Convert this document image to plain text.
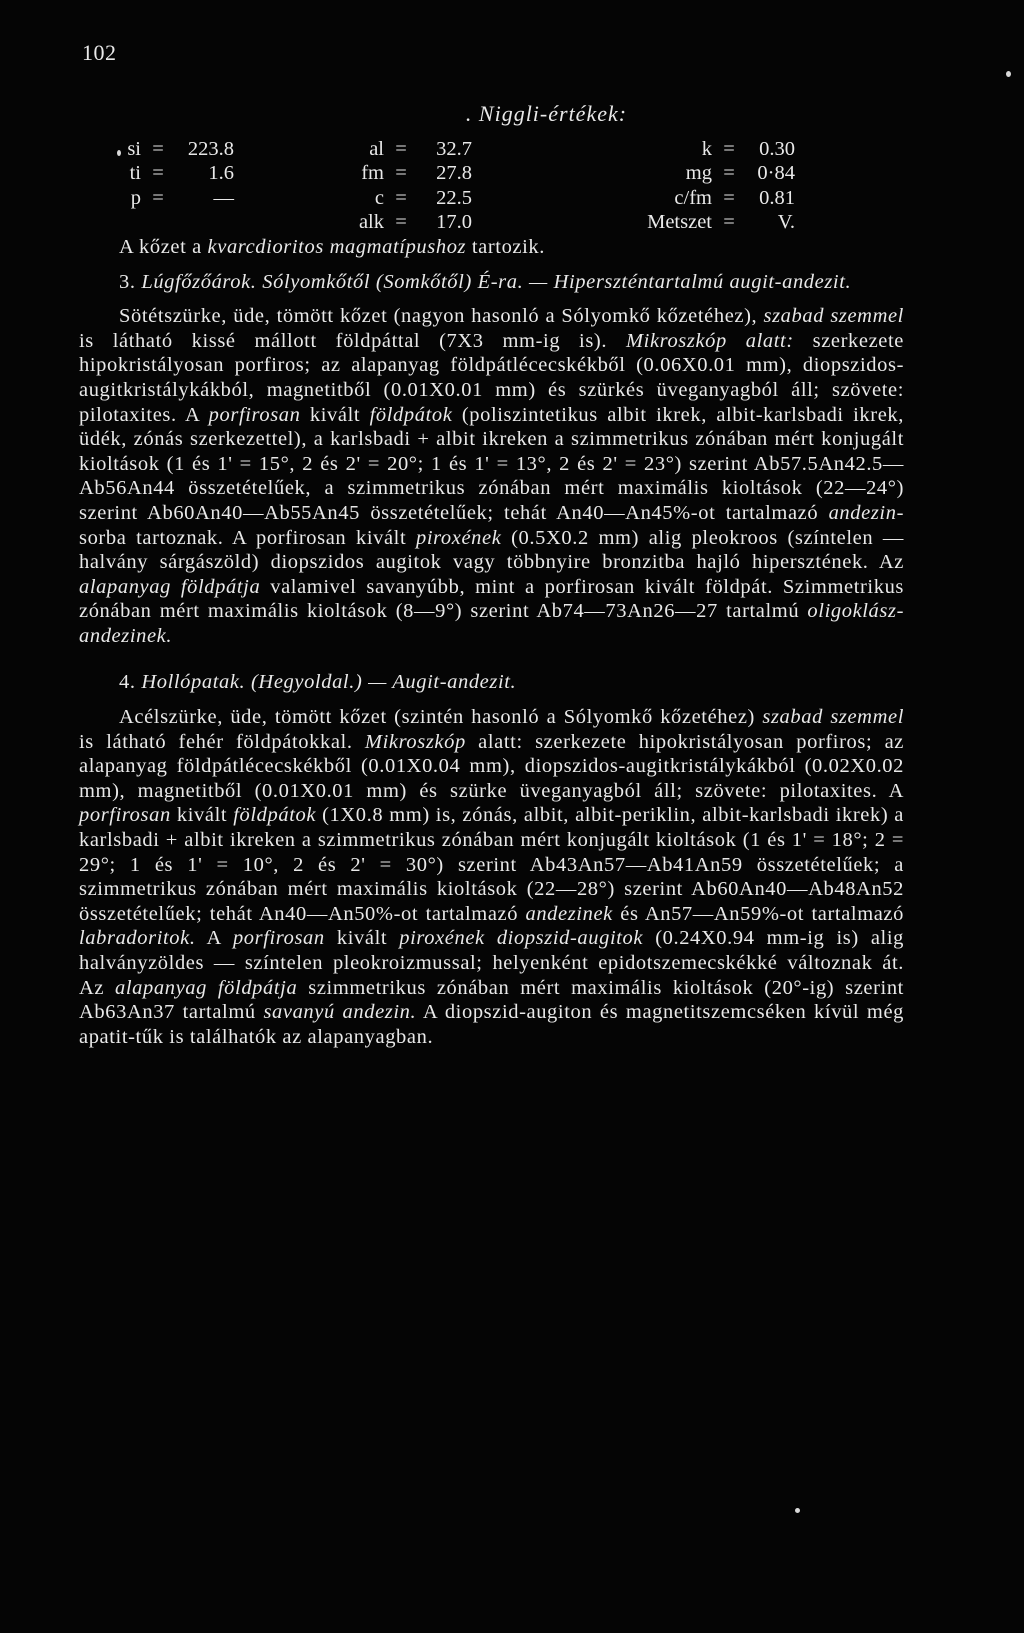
102
. Niggli-értékek:
si	=	223.8	al	=	32.7	k	=	0.30
ti	=	1.6	fm	=	27.8	mg	=	0·84
p	=	—	c	=	22.5	c/fm	=	0.81
			alk	=	17.0	Metszet	=	V.

A kőzet a kvarcdioritos magmatípushoz tartozik.

3. Lúgfőzőárok. Sólyomkőtől (Somkőtől) É-ra. — Hiperszténtartalmú augit-andezit.

Sötétszürke, üde, tömött kőzet (nagyon hasonló a Sólyomkő kőzetéhez), szabad szemmel is látható kissé mállott földpáttal (7X3 mm-ig is). Mikroszkóp alatt: szerkezete hipokristályosan porfiros; az alapanyag földpátlécecskékből (0.06X0.01 mm), diopszidos-augitkristálykákból, magnetitből (0.01X0.01 mm) és szürkés üveganyagból áll; szövete: pilotaxites. A porfirosan kivált földpátok (poliszintetikus albit ikrek, albit-karlsbadi ikrek, üdék, zónás szerkezettel), a karlsbadi + albit ikreken a szimmetrikus zónában mért konjugált kioltások (1 és 1' = 15°, 2 és 2' = 20°; 1 és 1' = 13°, 2 és 2' = 23°) szerint Ab57.5An42.5—Ab56An44 összetételűek, a szimmetrikus zónában mért maximális kioltások (22—24°) szerint Ab60An40—Ab55An45 összetételűek; tehát An40—An45%-ot tartalmazó andezin-sorba tartoznak. A porfirosan kivált piroxének (0.5X0.2 mm) alig pleokroos (színtelen — halvány sárgászöld) diopszidos augitok vagy többnyire bronzitba hajló hipersztének. Az alapanyag földpátja valamivel savanyúbb, mint a porfirosan kivált földpát. Szimmetrikus zónában mért maximális kioltások (8—9°) szerint Ab74—73An26—27 tartalmú oligoklász-andezinek.

4. Hollópatak. (Hegyoldal.) — Augit-andezit.

Acélszürke, üde, tömött kőzet (szintén hasonló a Sólyomkő kőzetéhez) szabad szemmel is látható fehér földpátokkal. Mikroszkóp alatt: szerkezete hipokristályosan porfiros; az alapanyag földpátlécecskékből (0.01X0.04 mm), diopszidos-augitkristálykákból (0.02X0.02 mm), magnetitből (0.01X0.01 mm) és szürke üveganyagból áll; szövete: pilotaxites. A porfirosan kivált földpátok (1X0.8 mm) is, zónás, albit, albit-periklin, albit-karlsbadi ikrek) a karlsbadi + albit ikreken a szimmetrikus zónában mért konjugált kioltások (1 és 1' = 18°; 2 = 29°; 1 és 1' = 10°, 2 és 2' = 30°) szerint Ab43An57—Ab41An59 összetételűek; a szimmetrikus zónában mért maximális kioltások (22—28°) szerint Ab60An40—Ab48An52 összetételűek; tehát An40—An50%-ot tartalmazó andezinek és An57—An59%-ot tartalmazó labradoritok. A porfirosan kivált piroxének diopszid-augitok (0.24X0.94 mm-ig is) alig halványzöldes — színtelen pleokroizmussal; helyenként epidotszemecskékké változnak át. Az alapanyag földpátja szimmetrikus zónában mért maximális kioltások (20°-ig) szerint Ab63An37 tartalmú savanyú andezin. A diopszid-augiton és magnetitszemcséken kívül még apatit-tűk is találhatók az alapanyagban.
